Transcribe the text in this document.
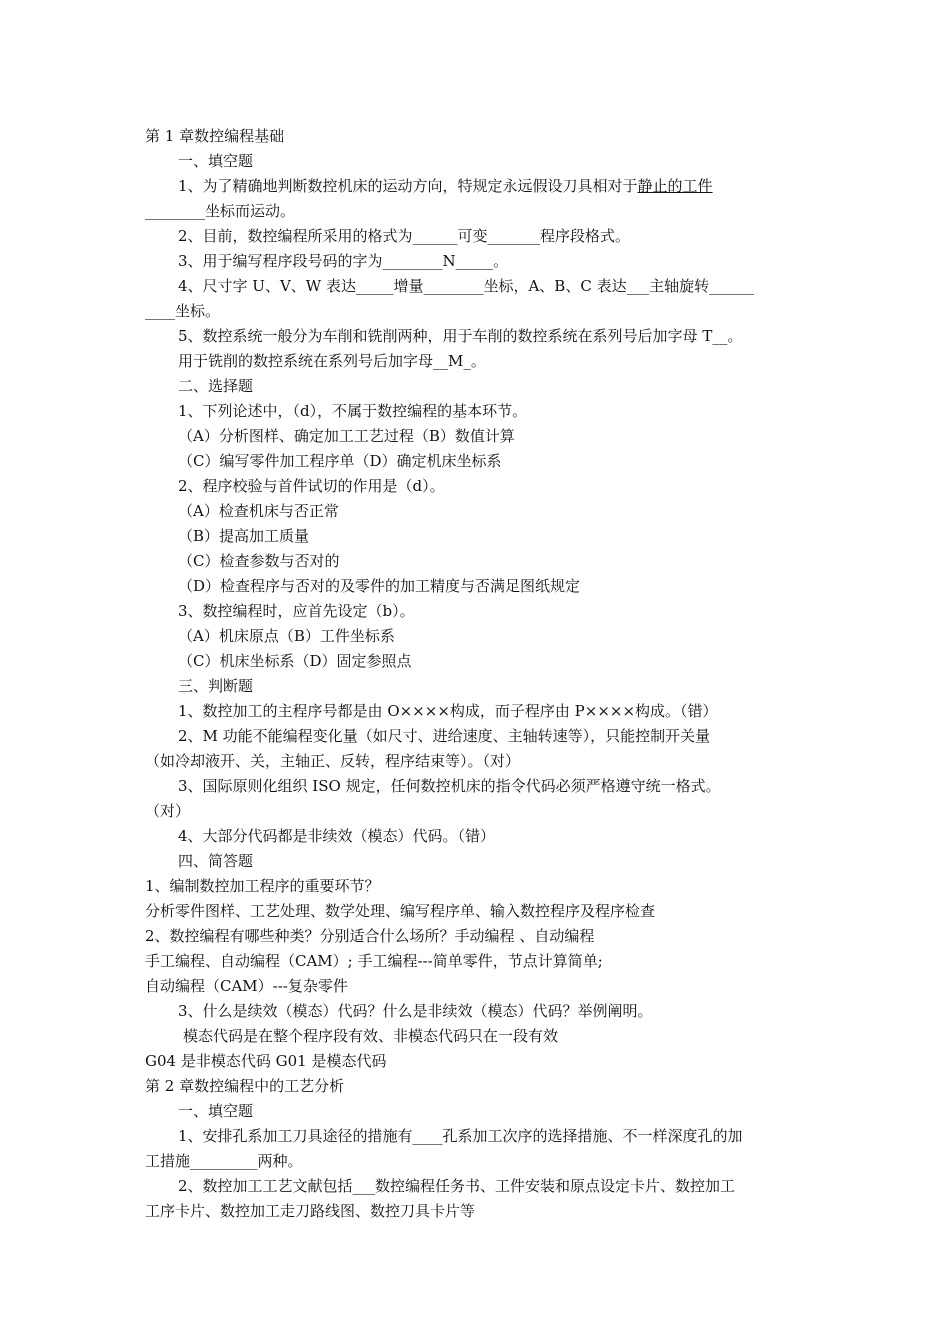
第 1 章数控编程基础
一、填空题
1、为了精确地判断数控机床的运动方向，特规定永远假设刀具相对于静止的工件
________坐标而运动。
2、目前，数控编程所采用的格式为______可变_______程序段格式。
3、用于编写程序段号码的字为________N_____。
4、尺寸字 U、V、W 表达_____增量________坐标，A、B、C 表达___主轴旋转______
____坐标。
5、数控系统一般分为车削和铣削两种，用于车削的数控系统在系列号后加字母 T__。
用于铣削的数控系统在系列号后加字母__M_。
二、选择题
1、下列论述中，（d），不属于数控编程的基本环节。
（A）分析图样、确定加工工艺过程（B）数值计算
（C）编写零件加工程序单（D）确定机床坐标系
2、程序校验与首件试切的作用是（d）。
（A）检查机床与否正常
（B）提高加工质量
（C）检查参数与否对的
（D）检查程序与否对的及零件的加工精度与否满足图纸规定
3、数控编程时，应首先设定（b）。
（A）机床原点（B）工件坐标系
（C）机床坐标系（D）固定参照点
三、判断题
1、数控加工的主程序号都是由 O××××构成，而子程序由 P××××构成。（错）
2、M 功能不能编程变化量（如尺寸、进给速度、主轴转速等），只能控制开关量
（如冷却液开、关，主轴正、反转，程序结束等）。（对）
3、国际原则化组织 ISO 规定，任何数控机床的指令代码必须严格遵守统一格式。
（对）
4、大部分代码都是非续效（模态）代码。（错）
四、简答题
1、编制数控加工程序的重要环节？
分析零件图样、工艺处理、数学处理、编写程序单、输入数控程序及程序检查
2、数控编程有哪些种类？分别适合什么场所？手动编程 、自动编程
手工编程、自动编程（CAM）; 手工编程---简单零件，节点计算简单;
自动编程（CAM）---复杂零件
3、什么是续效（模态）代码？什么是非续效（模态）代码？举例阐明。
模态代码是在整个程序段有效、非模态代码只在一段有效
G04 是非模态代码 G01 是模态代码
第 2 章数控编程中的工艺分析
一、填空题
1、安排孔系加工刀具途径的措施有____孔系加工次序的选择措施、不一样深度孔的加
工措施_________两种。
2、数控加工工艺文献包括___数控编程任务书、工件安装和原点设定卡片、数控加工
工序卡片、数控加工走刀路线图、数控刀具卡片等
